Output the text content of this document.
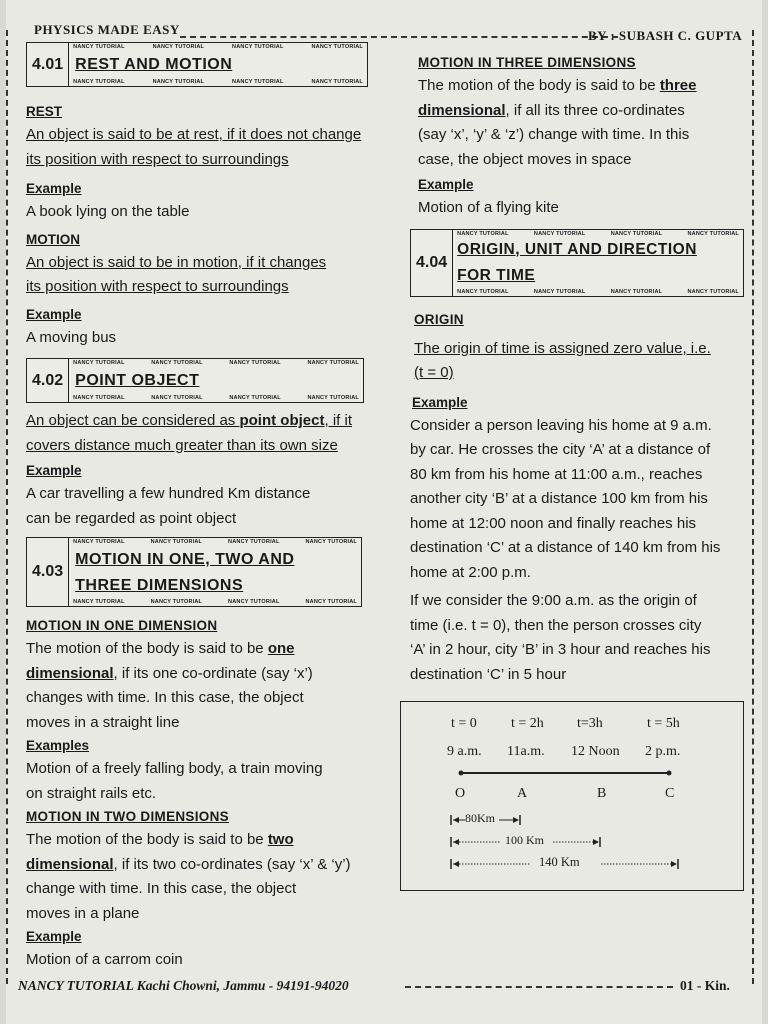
PHYSICS MADE EASY	BY : SUBASH C. GUPTA
NANCY TUTORIAL Kachi Chowni, Jammu - 94191-94020	01 - Kin.
4.01
NANCY TUTORIAL	NANCY TUTORIAL	NANCY TUTORIAL	NANCY TUTORIAL
REST AND MOTION
NANCY TUTORIAL	NANCY TUTORIAL	NANCY TUTORIAL	NANCY TUTORIAL

REST

An object is said to be at rest, if it does not change

its position with respect to surroundings

Example

A book lying on the table

MOTION

An object is said to be in motion, if it changes

its position with respect to surroundings

Example

A moving bus

4.02
NANCY TUTORIAL	NANCY TUTORIAL	NANCY TUTORIAL	NANCY TUTORIAL
POINT OBJECT
NANCY TUTORIAL	NANCY TUTORIAL	NANCY TUTORIAL	NANCY TUTORIAL

An object can be considered as point object, if it

covers distance much greater than its own size

Example

A car travelling a few hundred Km distance

can be regarded as point object

4.03
NANCY TUTORIAL	NANCY TUTORIAL	NANCY TUTORIAL	NANCY TUTORIAL
MOTION IN ONE, TWO AND
THREE DIMENSIONS
NANCY TUTORIAL	NANCY TUTORIAL	NANCY TUTORIAL	NANCY TUTORIAL

MOTION IN ONE DIMENSION

The motion of the body is said to be one

dimensional, if its one co-ordinate (say ‘x’)

changes with time. In this case, the object

moves in a straight line

Examples

Motion of a freely falling body, a train moving

on straight rails etc.

MOTION IN TWO DIMENSIONS

The motion of the body is said to be two

dimensional, if its two co-ordinates (say ‘x’ & ‘y’)

change with time. In this case, the object

moves in a plane

Example

Motion of a carrom coin

MOTION IN THREE DIMENSIONS

The motion of the body is said to be three

dimensional, if all its three co-ordinates

(say ‘x’, ‘y’ & ‘z’) change with time. In this

case, the object moves in space

Example

Motion of a flying kite

4.04
NANCY TUTORIAL	NANCY TUTORIAL	NANCY TUTORIAL	NANCY TUTORIAL
ORIGIN, UNIT AND DIRECTION
FOR TIME
NANCY TUTORIAL	NANCY TUTORIAL	NANCY TUTORIAL	NANCY TUTORIAL

ORIGIN

The origin of time is assigned zero value, i.e.

(t = 0)

Example

Consider a person leaving his home at 9 a.m.

by car. He crosses the city ‘A’ at a distance of

80 km from his home at 11:00 a.m., reaches

another city ‘B’ at a distance 100 km from his

home at 12:00 noon and finally reaches his

destination ‘C’ at a distance of 140 km from his

home at 2:00 p.m.

If we consider the 9:00 a.m. as the origin of

time (i.e. t = 0), then the person crosses city

‘A’ in 2 hour, city ‘B’ in 3 hour and reaches his

destination ‘C’ in 5 hour

t = 0 t = 2h t=3h	t = 5h
9 a.m. 11a.m. 12 Noon 2 p.m.
O	A	B	C
80Km
100 Km
140 Km
